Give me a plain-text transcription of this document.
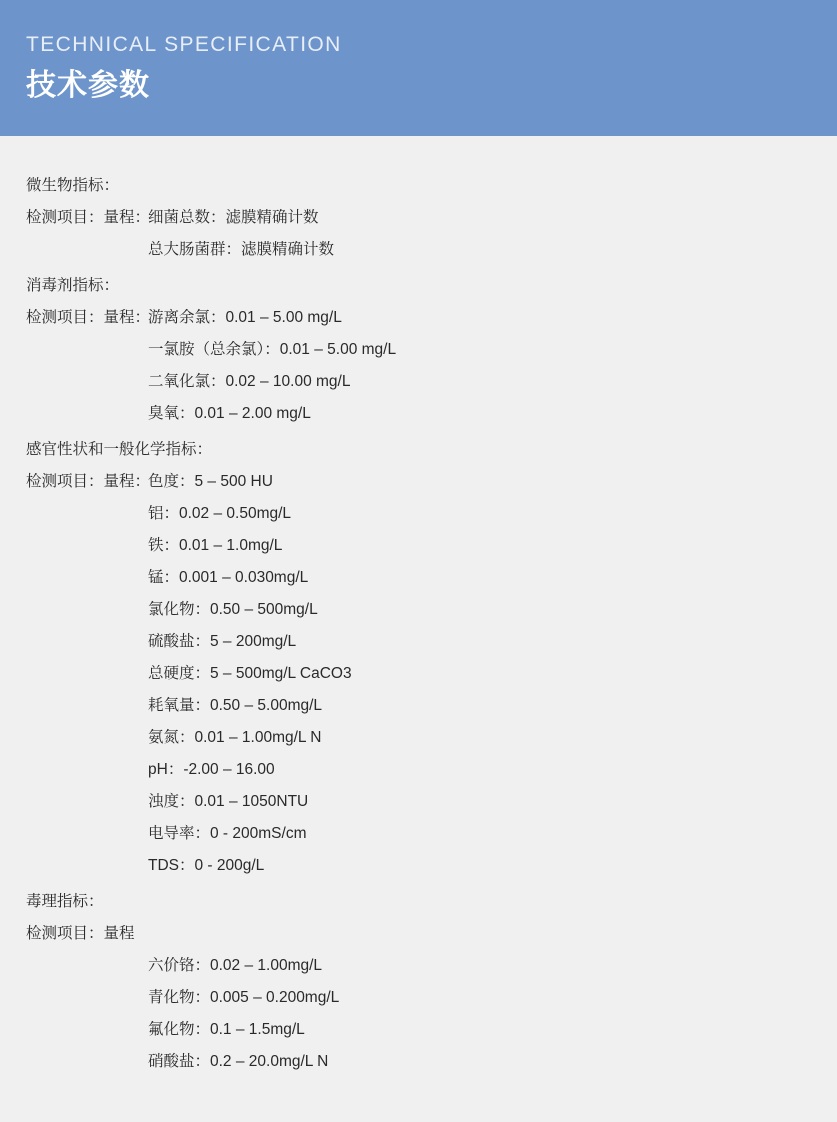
TECHNICAL SPECIFICATION
技术参数
微生物指标：
检测项目：量程：
细菌总数：滤膜精确计数
总大肠菌群：滤膜精确计数
消毒剂指标：
检测项目：量程：
游离余氯：0.01 – 5.00 mg/L
一氯胺（总余氯）：0.01 – 5.00 mg/L
二氧化氯：0.02 – 10.00 mg/L
臭氧：0.01 – 2.00 mg/L
感官性状和一般化学指标：
检测项目：量程：
色度：5 – 500 HU
铝：0.02 – 0.50mg/L
铁：0.01 – 1.0mg/L
锰：0.001 – 0.030mg/L
氯化物：0.50 – 500mg/L
硫酸盐：5 – 200mg/L
总硬度：5 – 500mg/L CaCO3
耗氧量：0.50 – 5.00mg/L
氨氮：0.01 – 1.00mg/L N
pH：-2.00 – 16.00
浊度：0.01 – 1050NTU
电导率：0 - 200mS/cm
TDS：0 - 200g/L
毒理指标：
检测项目：量程
六价铬：0.02 – 1.00mg/L
青化物：0.005 – 0.200mg/L
氟化物：0.1 – 1.5mg/L
硝酸盐：0.2 – 20.0mg/L N
